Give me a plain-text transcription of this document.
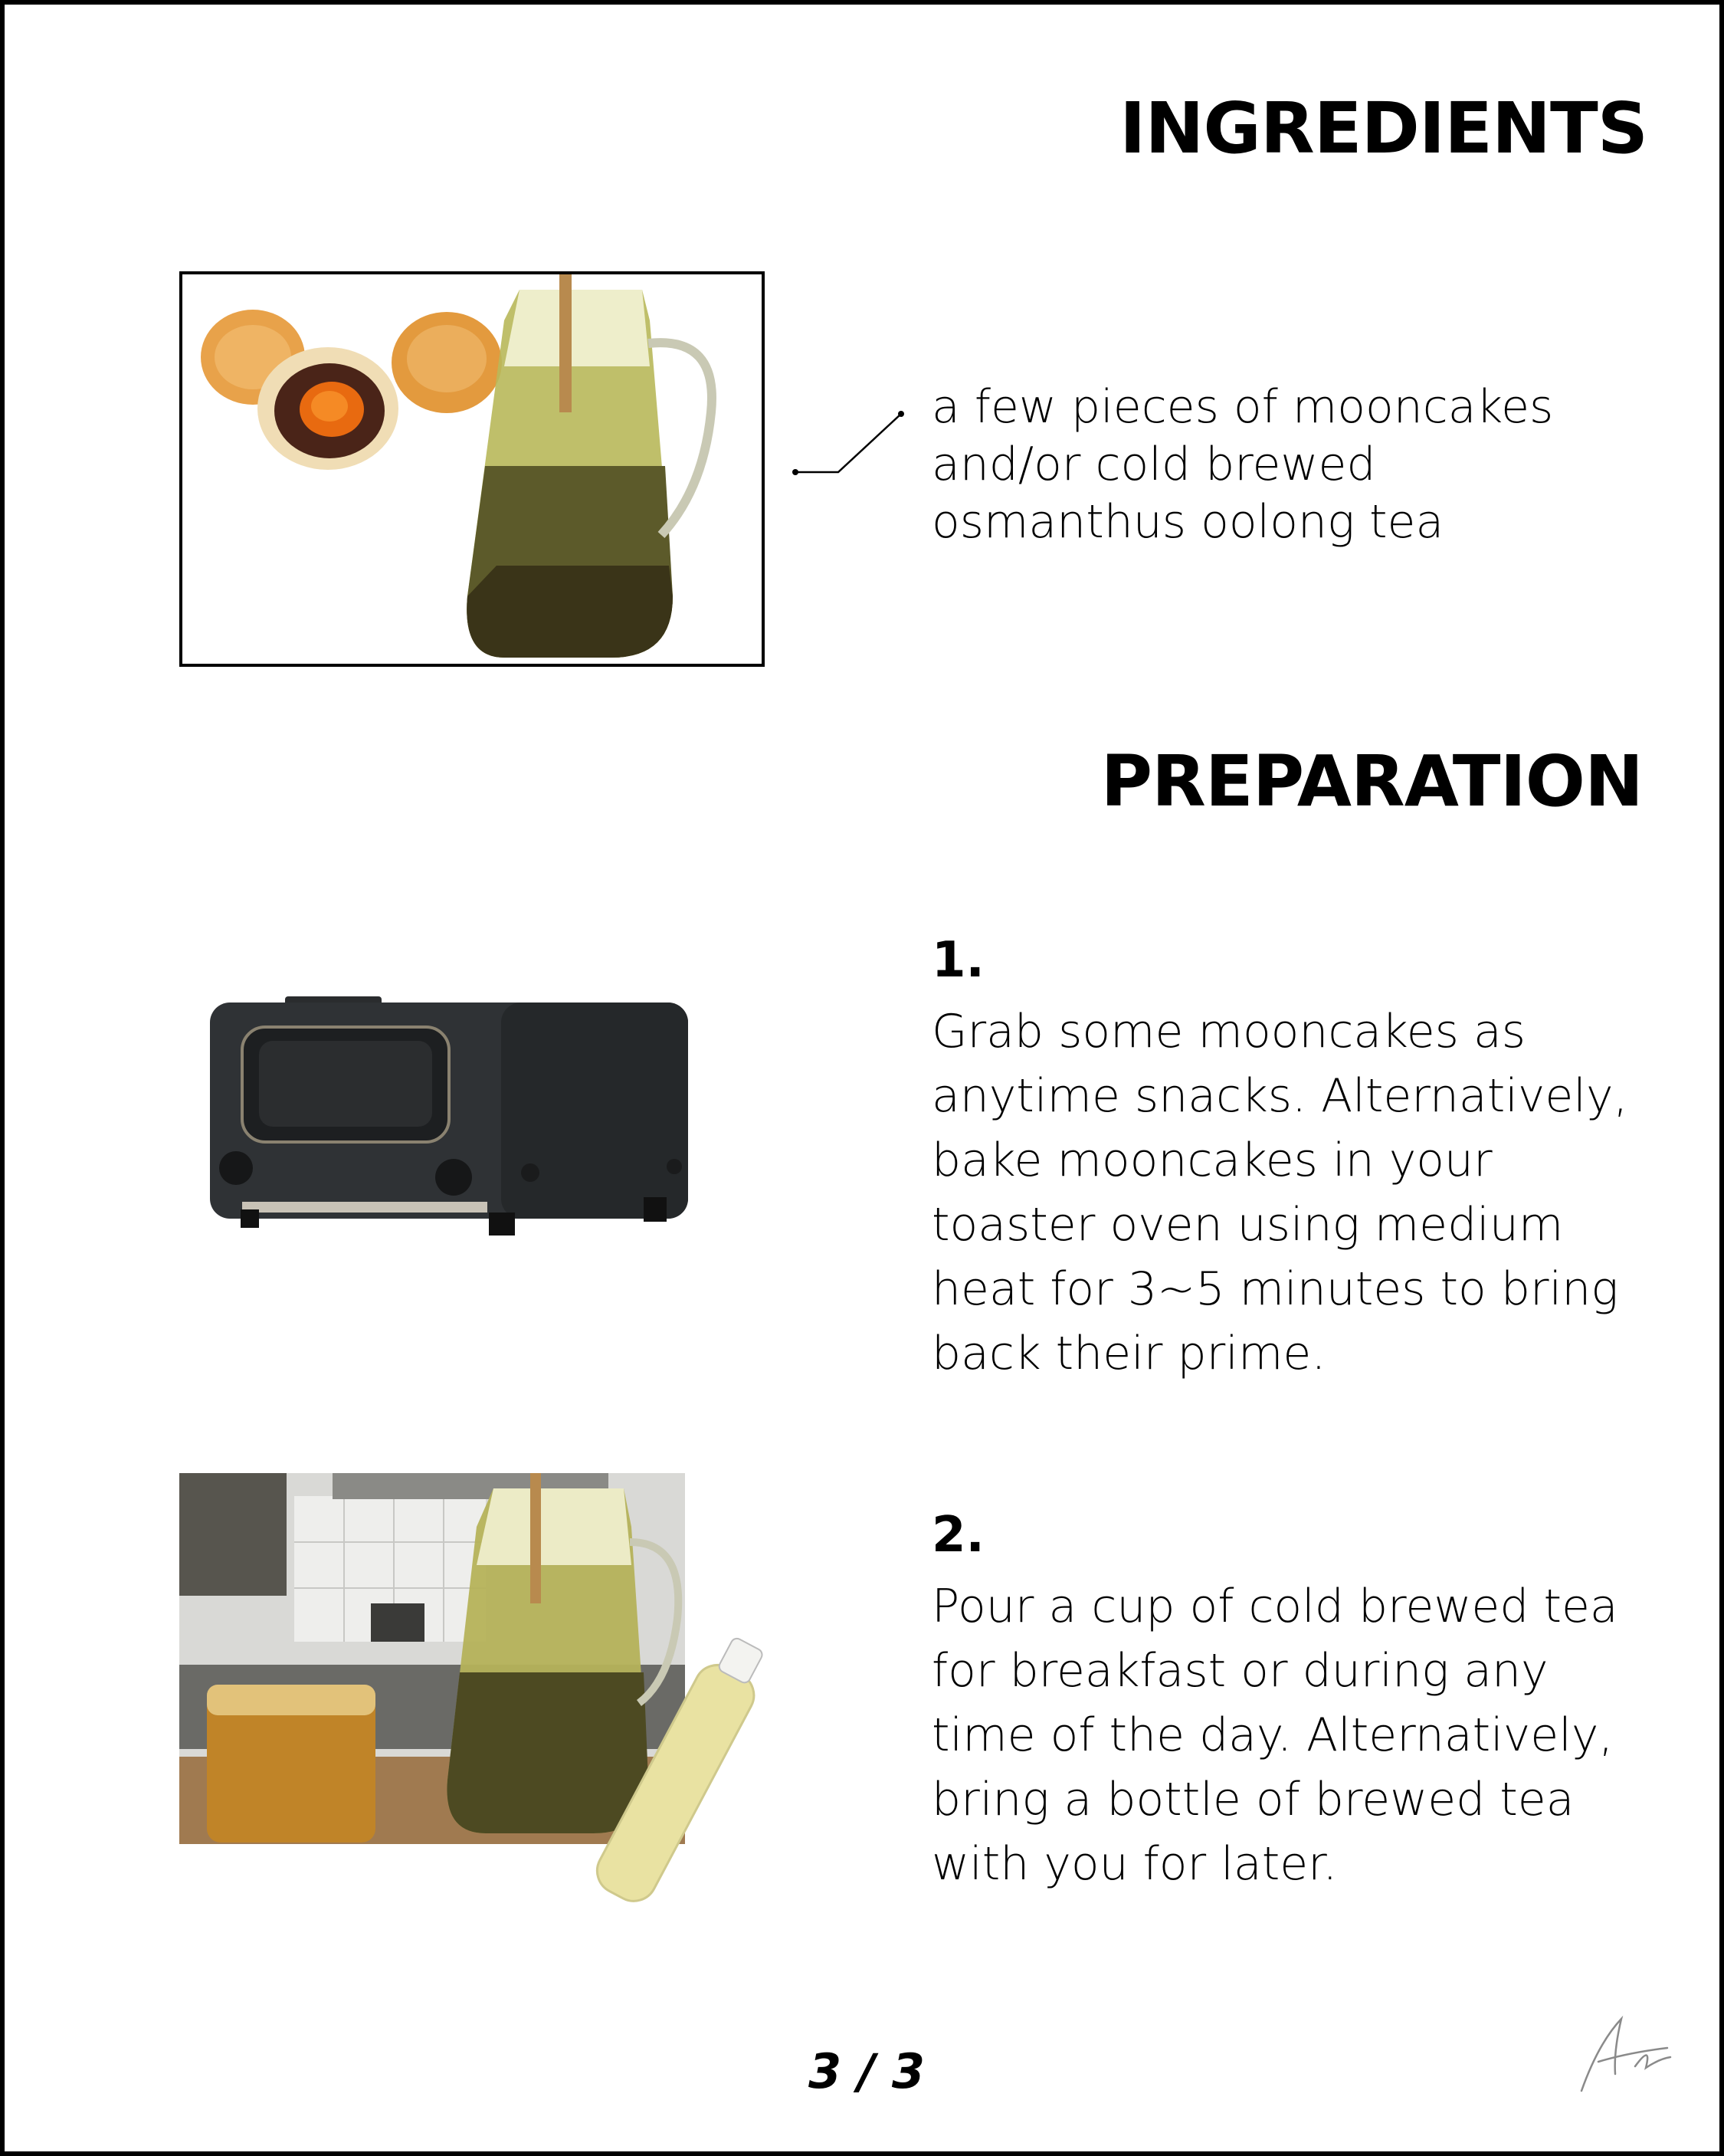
INGREDIENTS
a few pieces of mooncakes
and/or cold brewed
osmanthus oolong tea
PREPARATION
1.
Grab some mooncakes as
anytime snacks. Alternatively,
bake mooncakes in your
toaster oven using medium
heat for 3~5 minutes to bring
back their prime.
2.
Pour a cup of cold brewed tea
for breakfast or during any
time of the day. Alternatively,
bring a bottle of brewed tea
with you for later.
3 / 3
